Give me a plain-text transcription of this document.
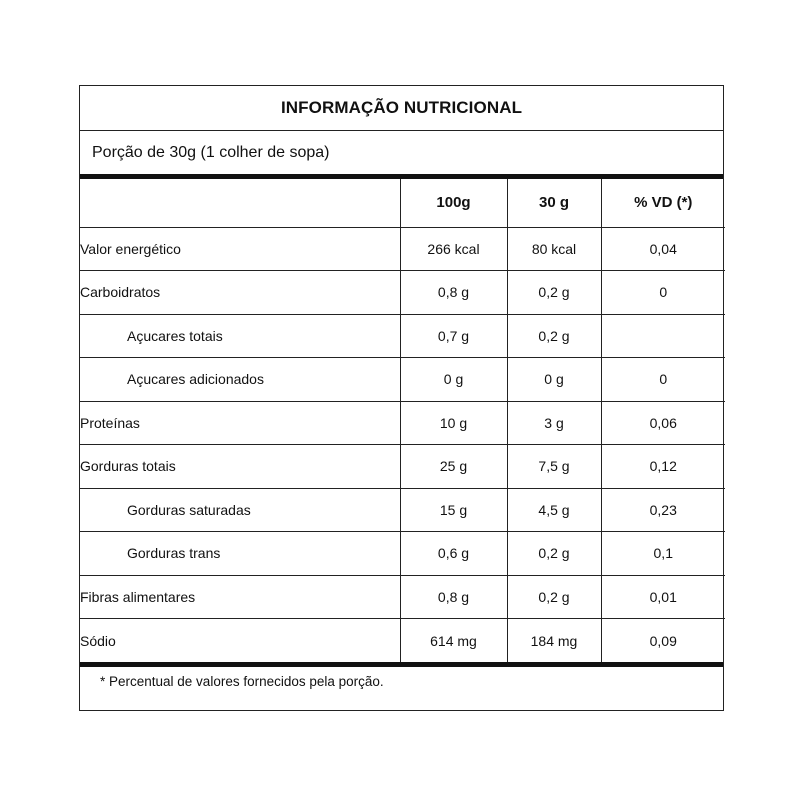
INFORMAÇÃO NUTRICIONAL
Porção de 30g (1 colher de sopa)
	100g	30 g	% VD (*)
Valor energético	266 kcal	80 kcal	0,04
Carboidratos	0,8 g	0,2 g	0
Açucares totais	0,7 g	0,2 g	
Açucares adicionados	0 g	0 g	0
Proteínas	10 g	3 g	0,06
Gorduras totais	25 g	7,5 g	0,12
Gorduras saturadas	15 g	4,5 g	0,23
Gorduras trans	0,6 g	0,2 g	0,1
Fibras alimentares	0,8 g	0,2 g	0,01
Sódio	614 mg	184 mg	0,09
* Percentual de valores fornecidos pela porção.
